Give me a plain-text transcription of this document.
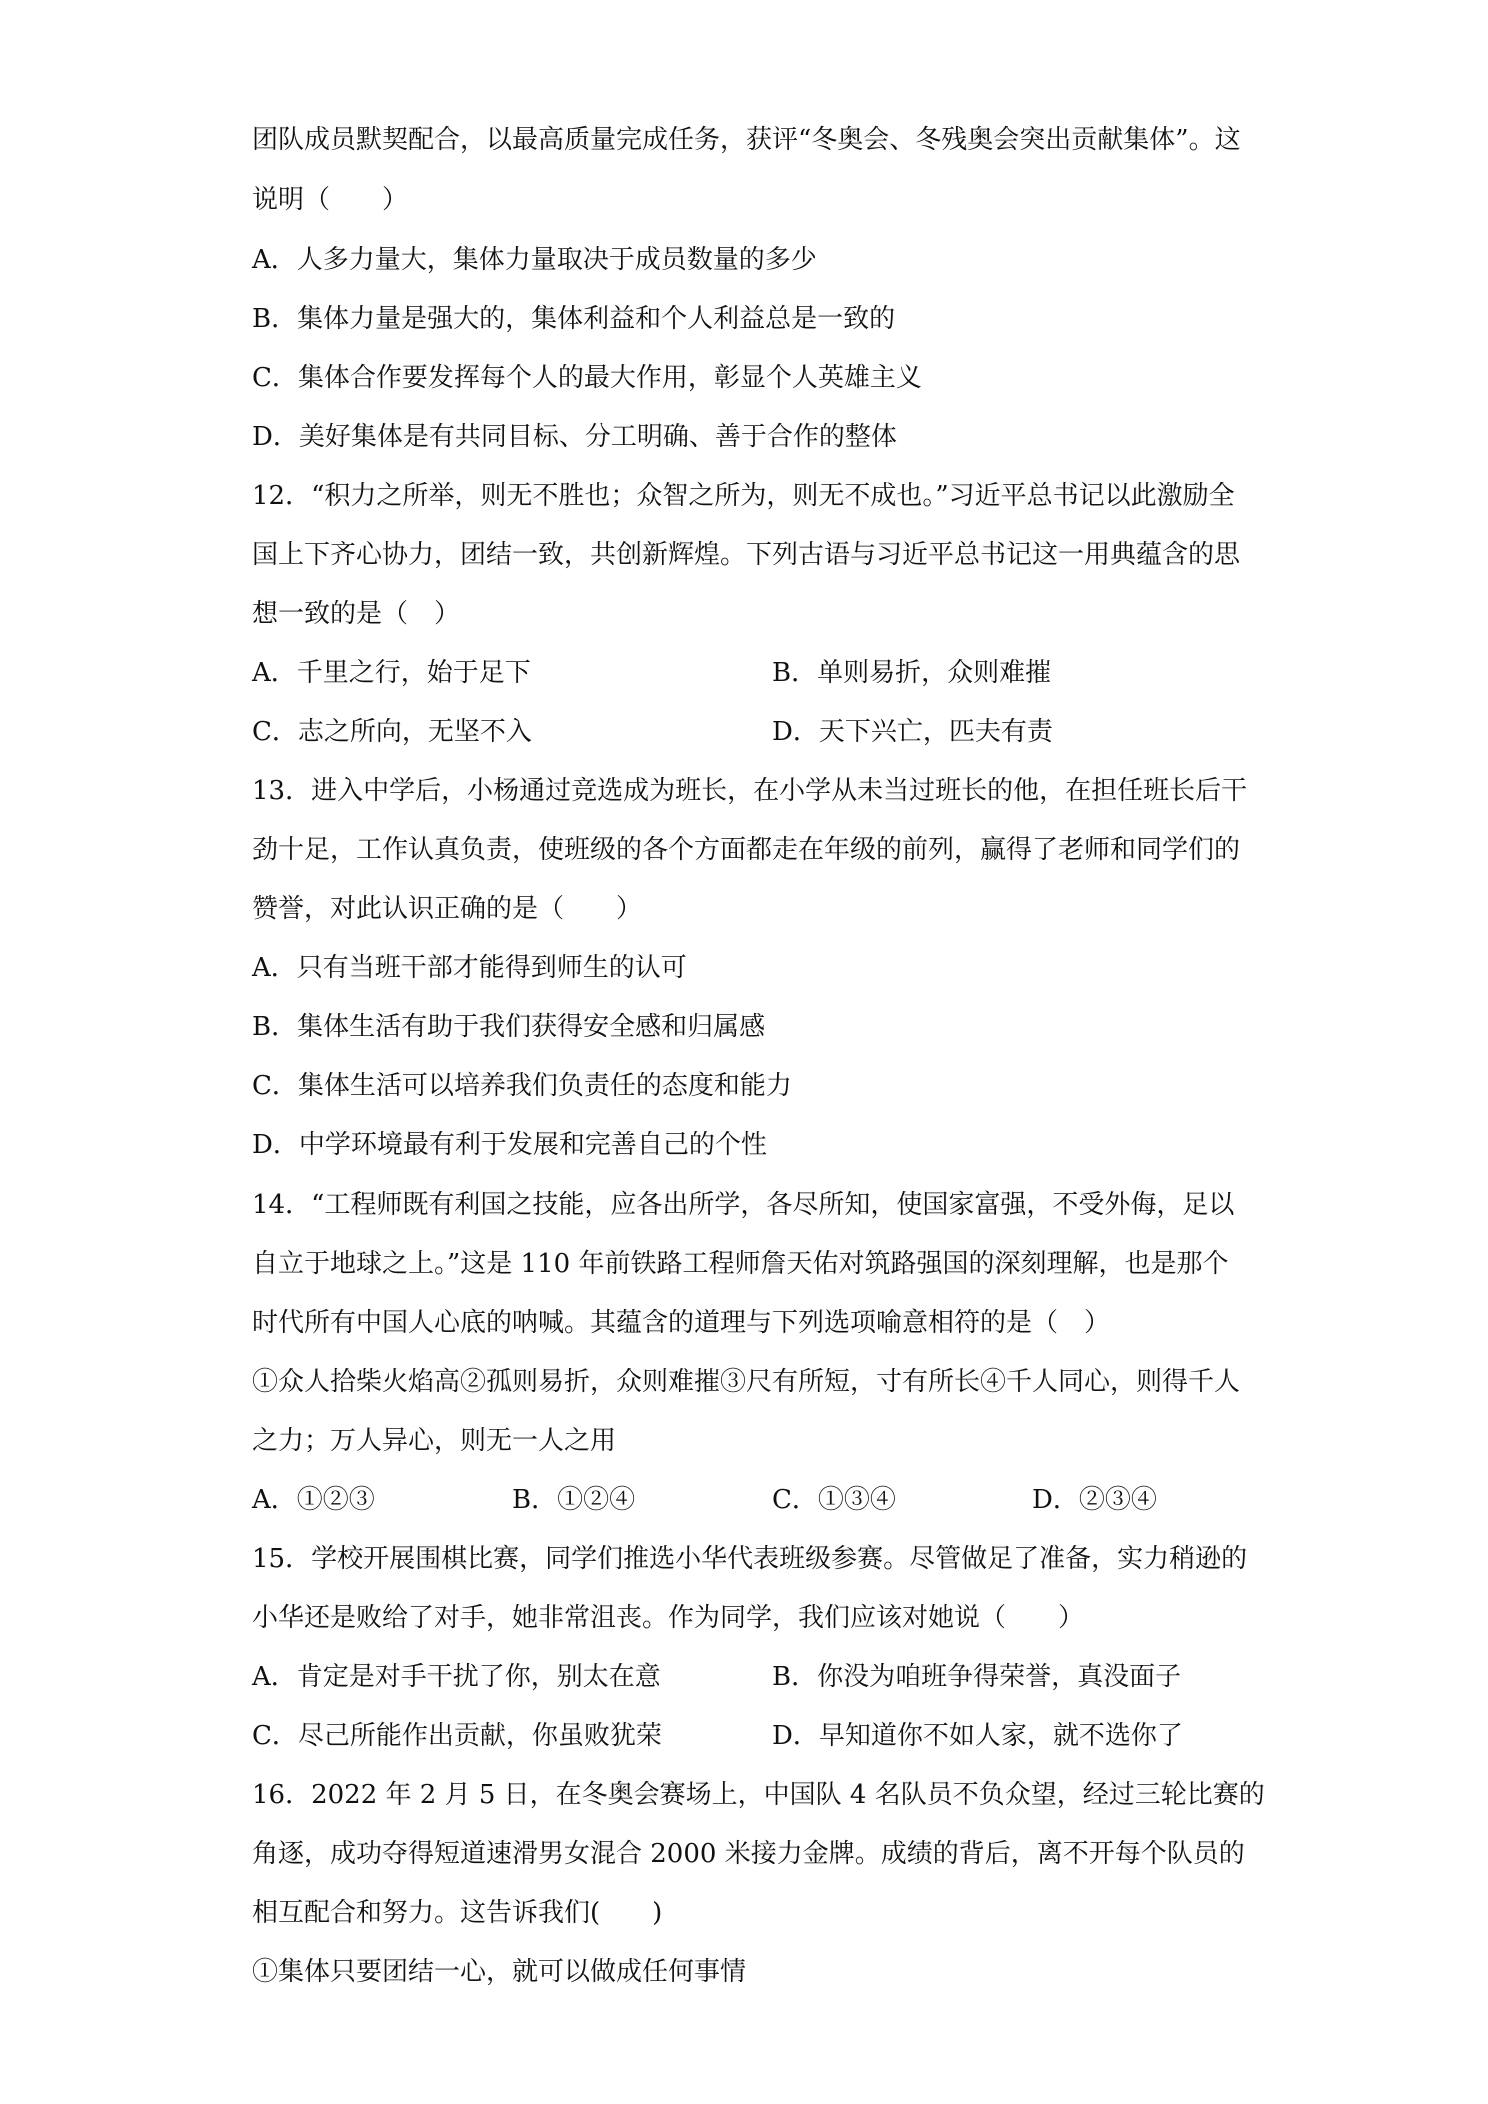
团队成员默契配合，以最高质量完成任务，获评“冬奥会、冬残奥会突出贡献集体”。这
说明（　　）
A．人多力量大，集体力量取决于成员数量的多少
B．集体力量是强大的，集体利益和个人利益总是一致的
C．集体合作要发挥每个人的最大作用，彰显个人英雄主义
D．美好集体是有共同目标、分工明确、善于合作的整体
12．“积力之所举，则无不胜也；众智之所为，则无不成也。”习近平总书记以此激励全
国上下齐心协力，团结一致，共创新辉煌。下列古语与习近平总书记这一用典蕴含的思
想一致的是（　）
A．千里之行，始于足下	B．单则易折，众则难摧
C．志之所向，无坚不入	D．天下兴亡，匹夫有责
13．进入中学后，小杨通过竞选成为班长，在小学从未当过班长的他，在担任班长后干
劲十足，工作认真负责，使班级的各个方面都走在年级的前列，赢得了老师和同学们的
赞誉，对此认识正确的是（　　）
A．只有当班干部才能得到师生的认可
B．集体生活有助于我们获得安全感和归属感
C．集体生活可以培养我们负责任的态度和能力
D．中学环境最有利于发展和完善自己的个性
14．“工程师既有利国之技能，应各出所学，各尽所知，使国家富强，不受外侮，足以
自立于地球之上。”这是 110 年前铁路工程师詹天佑对筑路强国的深刻理解，也是那个
时代所有中国人心底的呐喊。其蕴含的道理与下列选项喻意相符的是（　）
①众人拾柴火焰高②孤则易折，众则难摧③尺有所短，寸有所长④千人同心，则得千人
之力；万人异心，则无一人之用
A．①②③	B．①②④	C．①③④	D．②③④
15．学校开展围棋比赛，同学们推选小华代表班级参赛。尽管做足了准备，实力稍逊的
小华还是败给了对手，她非常沮丧。作为同学，我们应该对她说（　　）
A．肯定是对手干扰了你，别太在意	B．你没为咱班争得荣誉，真没面子
C．尽己所能作出贡献，你虽败犹荣	D．早知道你不如人家，就不选你了
16．2022 年 2 月 5 日，在冬奥会赛场上，中国队 4 名队员不负众望，经过三轮比赛的
角逐，成功夺得短道速滑男女混合 2000 米接力金牌。成绩的背后，离不开每个队员的
相互配合和努力。这告诉我们(　　)
①集体只要团结一心，就可以做成任何事情
